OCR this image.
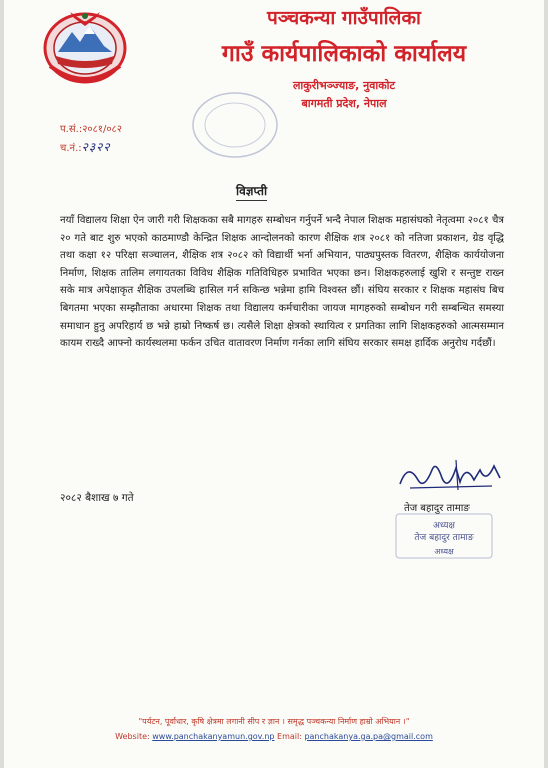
पञ्चकन्या गाउँपालिका
गाउँ कार्यपालिकाको कार्यालय
लाकुरीभञ्ज्याङ, नुवाकोट
बागमती प्रदेश, नेपाल
प.सं.:२०८१/०८२
च.नं.:२३२२
विज्ञप्ती
नयाँ विद्यालय शिक्षा ऐन जारी गरी शिक्षकका सबै मागहरु सम्बोधन गर्नुपर्ने भन्दै नेपाल शिक्षक महासंघको नेतृत्वमा २०८१ चैत्र २० गते बाट शुरु भएको काठमाण्डौ केन्द्रित शिक्षक आन्दोलनको कारण शैक्षिक शत्र २०८१ को नतिजा प्रकाशन, ग्रेड वृद्धि तथा कक्षा १२ परिक्षा सञ्चालन, शैक्षिक शत्र २०८२ को विद्यार्थी भर्ना अभियान, पाठ्यपुस्तक वितरण, शैक्षिक कार्ययोजना निर्माण, शिक्षक तालिम लगायतका विविध शैक्षिक गतिविधिहरु प्रभावित भएका छन। शिक्षकहरुलाई खुशि र सन्तुष्ट राख्न सके मात्र अपेक्षाकृत शैक्षिक उपलब्धि हासिल गर्न सकिन्छ भन्नेमा हामि विश्वस्त छौं। संघिय सरकार र शिक्षक महासंघ बिच बिगतमा भएका सम्झौताका अधारमा शिक्षक तथा विद्यालय कर्मचारीका जायज मागहरुको सम्बोधन गरी सम्बन्धित समस्या समाधान हुनु अपरिहार्य छ भन्ने हाम्रो निष्कर्ष छ। त्यसैले शिक्षा क्षेत्रको स्थायित्व र प्रगतिका लागि शिक्षकहरुको आत्मसम्मान कायम राख्दै आफ्नो कार्यस्थलमा फर्कन उचित वातावरण निर्माण गर्नका लागि संघिय सरकार समक्ष हार्दिक अनुरोध गर्दछौं।
२०८२ बैशाख ७ गते
तेज बहादुर तामाङ
अध्यक्ष
तेज बहादुर तामाङ
अध्यक्ष
"पर्यटन, पूर्वाधार, कृषि क्षेत्रमा लगानी सीप र ज्ञान । समृद्ध पञ्चकन्या निर्माण हाम्रो अभियान ।"
Website: www.panchakanyamun.gov.np Email: panchakanya.ga.pa@gmail.com
